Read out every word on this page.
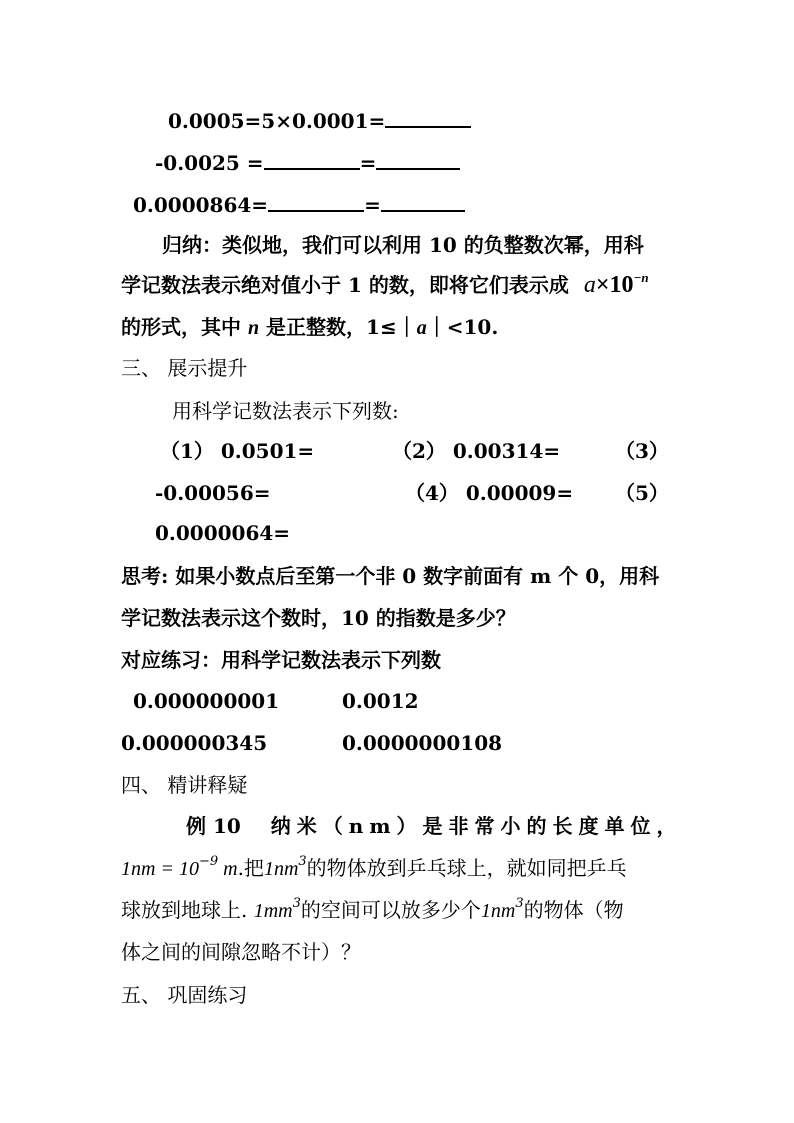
0.0005=5×0.0001=
-0.0025 =	=
0.0000864=	=
归纳：类似地，我们可以利用 10 的负整数次幂，用科
学记数法表示绝对值小于 1 的数，即将它们表示成 $a\times 10^{-n}$
的形式，其中 n 是正整数，1≤｜a｜<10.
三、 展示提升
用科学记数法表示下列数:
（1） 0.0501=	（2） 0.00314=	（3）
-0.00056=	（4） 0.00009= （5）
0.0000064=
思考: 如果小数点后至第一个非 0 数字前面有 m 个 0，用科
学记数法表示这个数时，10 的指数是多少？
对应练习：用科学记数法表示下列数
0.000000001	0.0012
0.000000345	0.0000000108
四、 精讲释疑
例 10 纳米（nm）是非常小的长度单位，
$1nm = 10^{-9}$ m.把$1nm^3$的物体放到乒乓球上，就如同把乒乓
球放到地球上. $1mm^3$的空间可以放多少个$1nm^3$的物体（物
体之间的间隙忽略不计）？
五、 巩固练习
